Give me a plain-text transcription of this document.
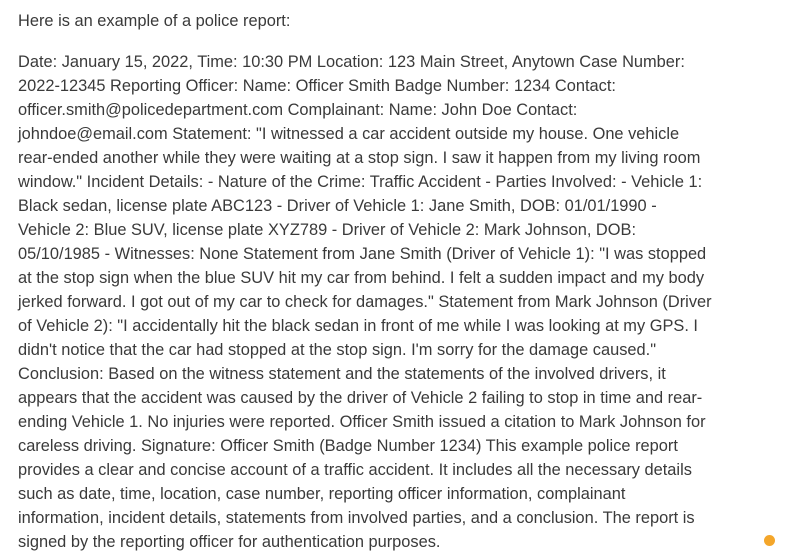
Here is an example of a police report:

Date: January 15, 2022, Time: 10:30 PM Location: 123 Main Street, Anytown Case Number:
2022-12345 Reporting Officer: Name: Officer Smith Badge Number: 1234 Contact:
officer.smith@policedepartment.com Complainant: Name: John Doe Contact:
johndoe@email.com Statement: "I witnessed a car accident outside my house. One vehicle
rear-ended another while they were waiting at a stop sign. I saw it happen from my living room
window." Incident Details: - Nature of the Crime: Traffic Accident - Parties Involved: - Vehicle 1:
Black sedan, license plate ABC123 - Driver of Vehicle 1: Jane Smith, DOB: 01/01/1990 -
Vehicle 2: Blue SUV, license plate XYZ789 - Driver of Vehicle 2: Mark Johnson, DOB:
05/10/1985 - Witnesses: None Statement from Jane Smith (Driver of Vehicle 1): "I was stopped
at the stop sign when the blue SUV hit my car from behind. I felt a sudden impact and my body
jerked forward. I got out of my car to check for damages." Statement from Mark Johnson (Driver
of Vehicle 2): "I accidentally hit the black sedan in front of me while I was looking at my GPS. I
didn't notice that the car had stopped at the stop sign. I'm sorry for the damage caused."
Conclusion: Based on the witness statement and the statements of the involved drivers, it
appears that the accident was caused by the driver of Vehicle 2 failing to stop in time and rear-
ending Vehicle 1. No injuries were reported. Officer Smith issued a citation to Mark Johnson for
careless driving. Signature: Officer Smith (Badge Number 1234) This example police report
provides a clear and concise account of a traffic accident. It includes all the necessary details
such as date, time, location, case number, reporting officer information, complainant
information, incident details, statements from involved parties, and a conclusion. The report is
signed by the reporting officer for authentication purposes.
